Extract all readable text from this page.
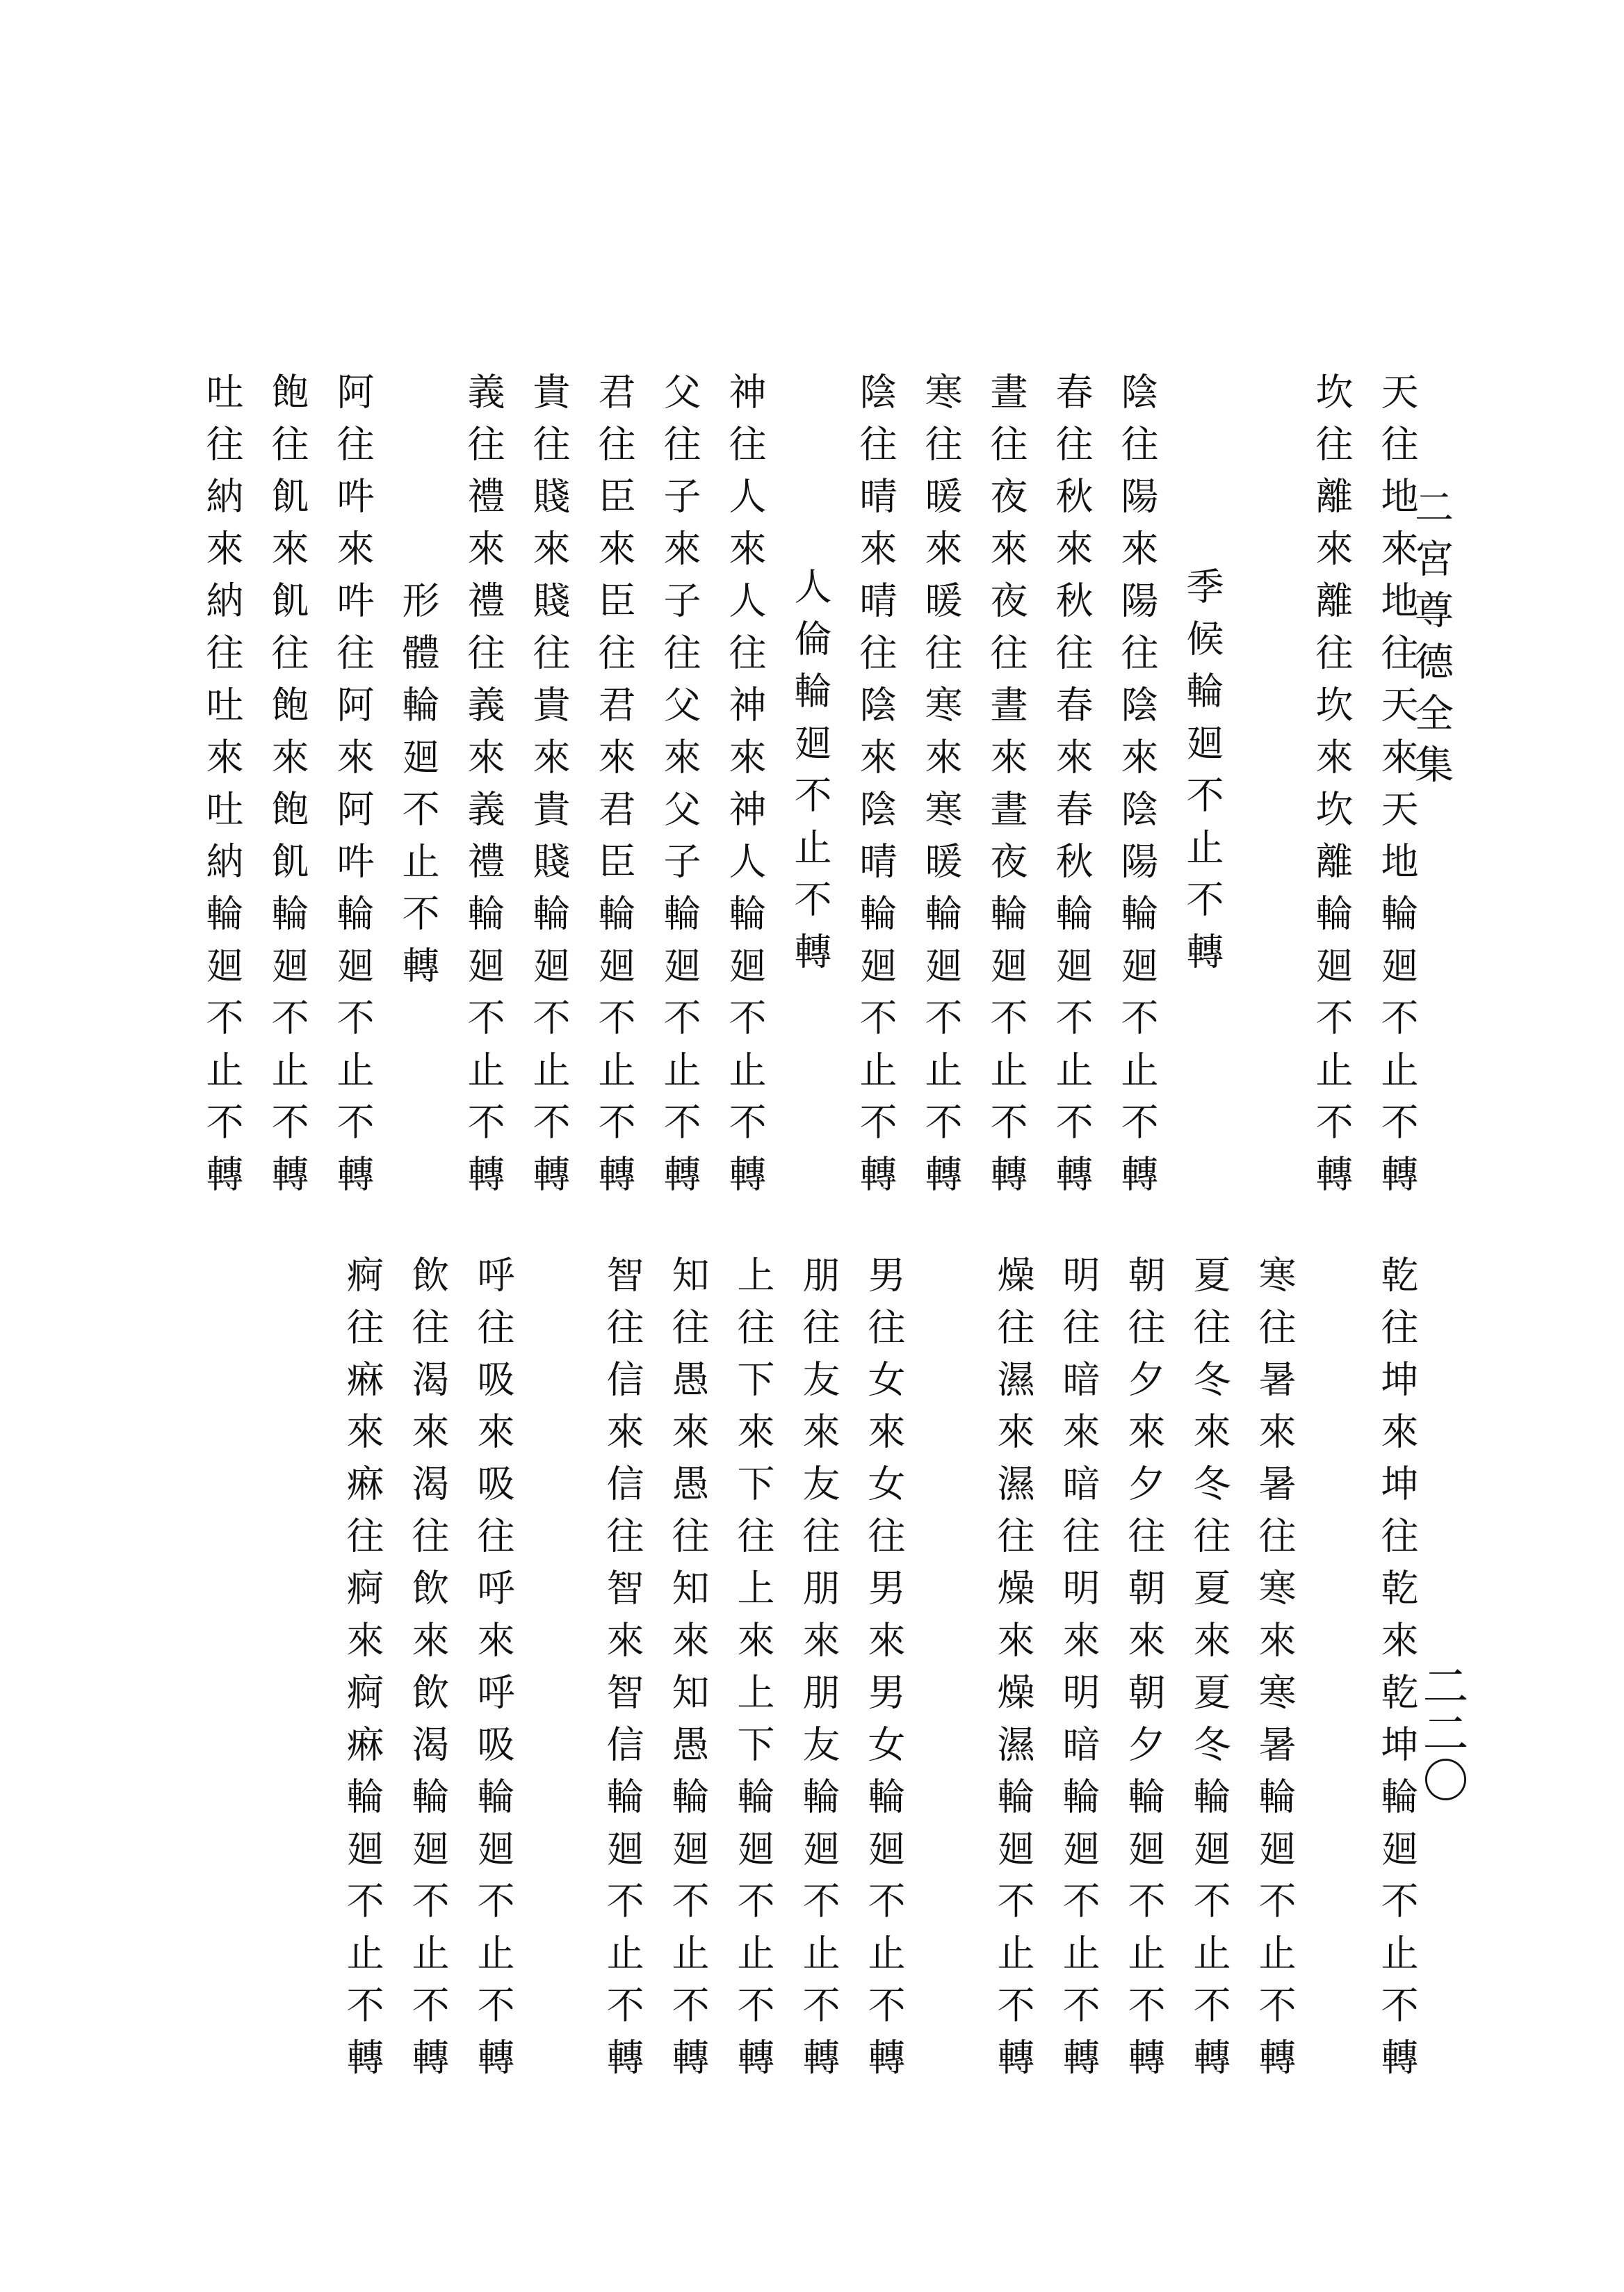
二宮尊德全集
二二〇
天往地來地往天來天地輪廻不止不轉
坎往離來離往坎來坎離輪廻不止不轉
季候輪廻不止不轉
陰往陽來陽往陰來陰陽輪廻不止不轉
春往秋來秋往春來春秋輪廻不止不轉
晝往夜來夜往晝來晝夜輪廻不止不轉
寒往暖來暖往寒來寒暖輪廻不止不轉
陰往晴來晴往陰來陰晴輪廻不止不轉
人倫輪廻不止不轉
神往人來人往神來神人輪廻不止不轉
父往子來子往父來父子輪廻不止不轉
君往臣來臣往君來君臣輪廻不止不轉
貴往賤來賤往貴來貴賤輪廻不止不轉
義往禮來禮往義來義禮輪廻不止不轉
形體輪廻不止不轉
阿往吽來吽往阿來阿吽輪廻不止不轉
飽往飢來飢往飽來飽飢輪廻不止不轉
吐往納來納往吐來吐納輪廻不止不轉
乾往坤來坤往乾來乾坤輪廻不止不轉
寒往暑來暑往寒來寒暑輪廻不止不轉
夏往冬來冬往夏來夏冬輪廻不止不轉
朝往夕來夕往朝來朝夕輪廻不止不轉
明往暗來暗往明來明暗輪廻不止不轉
燥往濕來濕往燥來燥濕輪廻不止不轉
男往女來女往男來男女輪廻不止不轉
朋往友來友往朋來朋友輪廻不止不轉
上往下來下往上來上下輪廻不止不轉
知往愚來愚往知來知愚輪廻不止不轉
智往信來信往智來智信輪廻不止不轉
呼往吸來吸往呼來呼吸輪廻不止不轉
飲往渴來渴往飲來飲渴輪廻不止不轉
痾往痳來痳往痾來痾痳輪廻不止不轉
